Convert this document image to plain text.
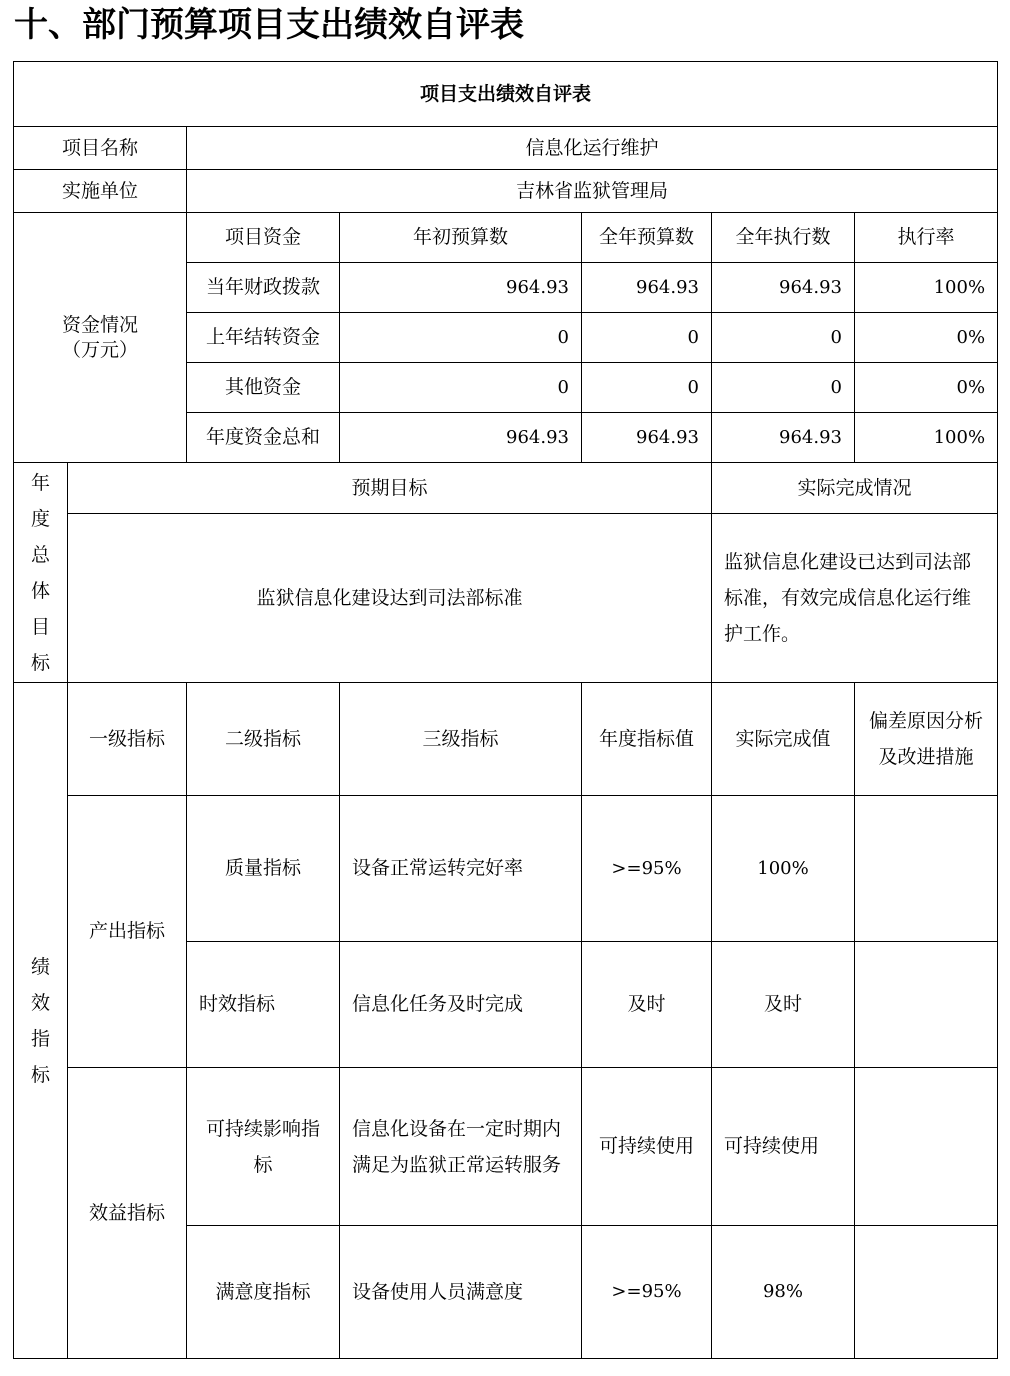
十、部门预算项目支出绩效自评表
项目支出绩效自评表						
项目名称		信息化运行维护				
实施单位		吉林省监狱管理局				
资金情况
（万元）		项目资金	年初预算数	全年预算数	全年执行数	执行率
		当年财政拨款	964.93	964.93	964.93	100%
		上年结转资金	0	0	0	0%
		其他资金	0	0	0	0%
		年度资金总和	964.93	964.93	964.93	100%
年度总体目标	预期目标				实际完成情况	
	监狱信息化建设达到司法部标准				监狱信息化建设已达到司法部标准，有效完成信息化运行维护工作。	
绩效指标	一级指标	二级指标	三级指标	年度指标值	实际完成值	偏差原因分析及改进措施
	产出指标	质量指标	设备正常运转完好率	>=95%	100%	
		时效指标	信息化任务及时完成	及时	及时	
	效益指标	可持续影响指标	信息化设备在一定时期内满足为监狱正常运转服务	可持续使用	可持续使用	
		满意度指标	设备使用人员满意度	>=95%	98%	
